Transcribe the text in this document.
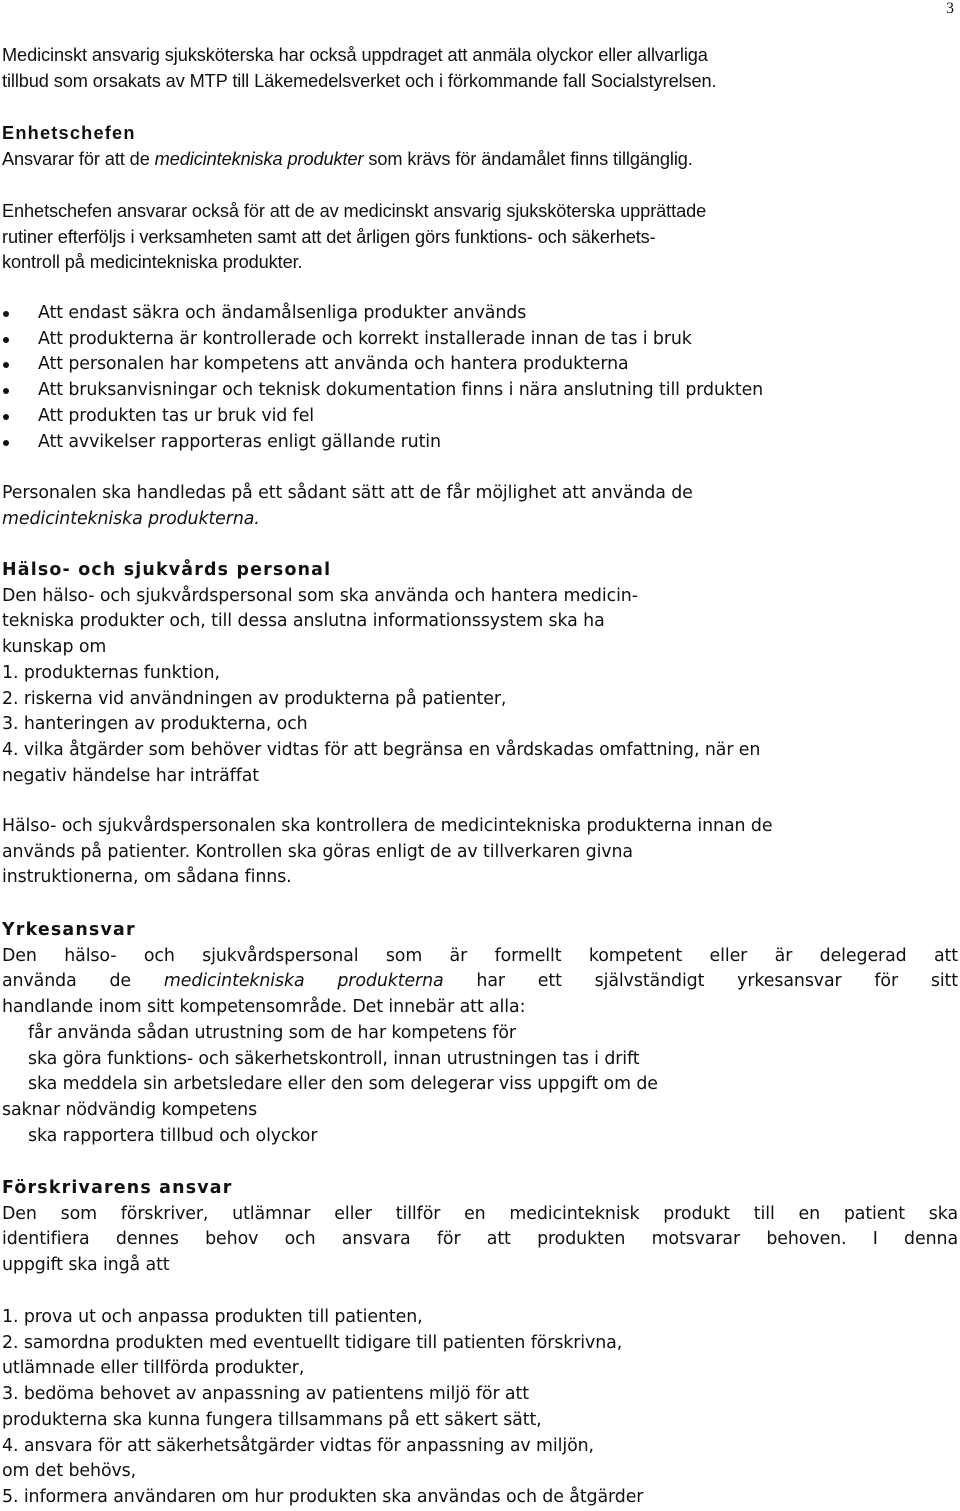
3
Medicinskt ansvarig sjuksköterska har också uppdraget att anmäla olyckor eller allvarliga
tillbud som orsakats av MTP till Läkemedelsverket och i förkommande fall Socialstyrelsen.
Enhetschefen
Ansvarar för att de medicintekniska produkter som krävs för ändamålet finns tillgänglig.
Enhetschefen ansvarar också för att de av medicinskt ansvarig sjuksköterska upprättade
rutiner efterföljs i verksamheten samt att det årligen görs funktions- och säkerhets-
kontroll på medicintekniska produkter.
Att endast säkra och ändamålsenliga produkter används
Att produkterna är kontrollerade och korrekt installerade innan de tas i bruk
Att personalen har kompetens att använda och hantera produkterna
Att bruksanvisningar och teknisk dokumentation finns i nära anslutning till prdukten
Att produkten tas ur bruk vid fel
Att avvikelser rapporteras enligt gällande rutin
Personalen ska handledas på ett sådant sätt att de får möjlighet att använda de
medicintekniska produkterna.
Hälso- och sjukvårds personal
Den hälso- och sjukvårdspersonal som ska använda och hantera medicin-
tekniska produkter och, till dessa anslutna informationssystem ska ha
kunskap om
1. produkternas funktion,
2. riskerna vid användningen av produkterna på patienter,
3. hanteringen av produkterna, och
4. vilka åtgärder som behöver vidtas för att begränsa en vårdskadas omfattning, när en
negativ händelse har inträffat
Hälso- och sjukvårdspersonalen ska kontrollera de medicintekniska produkterna innan de
används på patienter. Kontrollen ska göras enligt de av tillverkaren givna
instruktionerna, om sådana finns.
Yrkesansvar
Den hälso- och sjukvårdspersonal som är formellt kompetent eller är delegerad att
använda de medicintekniska produkterna har ett självständigt yrkesansvar för sitt
handlande inom sitt kompetensområde. Det innebär att alla:
får använda sådan utrustning som de har kompetens för
ska göra funktions- och säkerhetskontroll, innan utrustningen tas i drift
ska meddela sin arbetsledare eller den som delegerar viss uppgift om de
saknar nödvändig kompetens
ska rapportera tillbud och olyckor
Förskrivarens ansvar
Den som förskriver, utlämnar eller tillför en medicinteknisk produkt till en patient ska
identifiera dennes behov och ansvara för att produkten motsvarar behoven. I denna
uppgift ska ingå att
1. prova ut och anpassa produkten till patienten,
2. samordna produkten med eventuellt tidigare till patienten förskrivna,
utlämnade eller tillförda produkter,
3. bedöma behovet av anpassning av patientens miljö för att
produkterna ska kunna fungera tillsammans på ett säkert sätt,
4. ansvara för att säkerhetsåtgärder vidtas för anpassning av miljön,
om det behövs,
5. informera användaren om hur produkten ska användas och de åtgärder
